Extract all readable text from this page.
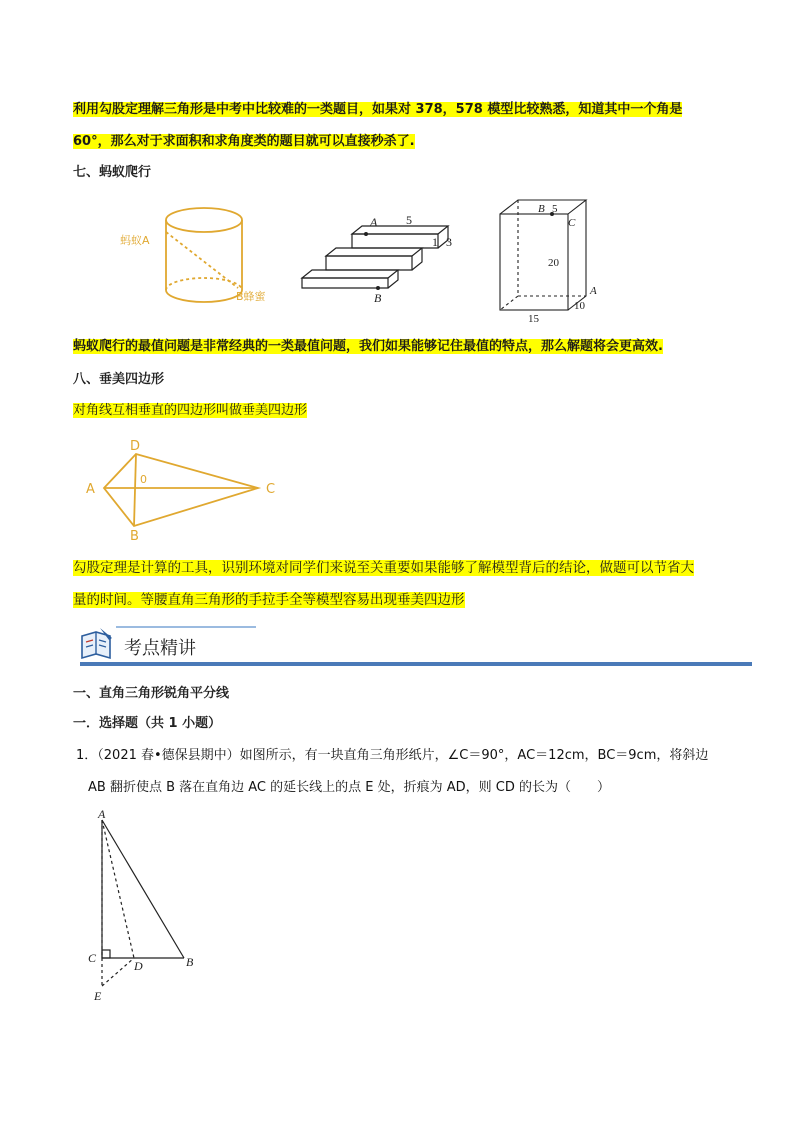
利用勾股定理解三角形是中考中比较难的一类题目，如果对 378，578 模型比较熟悉，知道其中一个角是
60°，那么对于求面积和求角度类的题目就可以直接秒杀了.
七、蚂蚁爬行
蚂蚁A
B蜂蜜
A
B
5
1 3
B 5
C
20
A
10
15
蚂蚁爬行的最值问题是非常经典的一类最值问题，我们如果能够记住最值的特点，那么解题将会更高效.
八、垂美四边形
对角线互相垂直的四边形叫做垂美四边形
A
B
C
D
0
勾股定理是计算的工具，识别环境对同学们来说至关重要如果能够了解模型背后的结论，做题可以节省大
量的时间。等腰直角三角形的手拉手全等模型容易出现垂美四边形
考点精讲
一、直角三角形锐角平分线
一．选择题（共 1 小题）
1．（2021 春•德保县期中）如图所示，有一块直角三角形纸片，∠C＝90°，AC＝12cm，BC＝9cm，将斜边
AB 翻折使点 B 落在直角边 AC 的延长线上的点 E 处，折痕为 AD，则 CD 的长为（　　）
A
B
C
D
E
